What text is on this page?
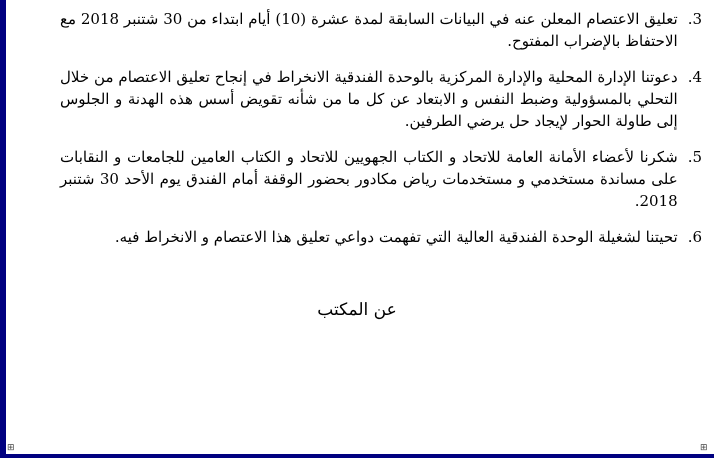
⊞	⊞

.3
تعليق الاعتصام المعلن عنه في البيانات السابقة لمدة عشرة (10) أيام ابتداء من 30 شتنبر 2018 مع الاحتفاظ بالإضراب المفتوح.

.4
دعوتنا الإدارة المحلية والإدارة المركزية بالوحدة الفندقية الانخراط في إنجاح تعليق الاعتصام من خلال التحلي بالمسؤولية وضبط النفس و الابتعاد عن كل ما من شأنه تقويض أسس هذه الهدنة و الجلوس إلى طاولة الحوار لإيجاد حل يرضي الطرفين.

.5
شكرنا لأعضاء الأمانة العامة للاتحاد و الكتاب الجهويين للاتحاد و الكتاب العامين للجامعات و النقابات على مساندة مستخدمي و مستخدمات رياض مكادور بحضور الوقفة أمام الفندق يوم الأحد 30 شتنبر 2018.

.6
تحيتنا لشغيلة الوحدة الفندقية العالية التي تفهمت دواعي تعليق هذا الاعتصام و الانخراط فيه.

عن المكتب
